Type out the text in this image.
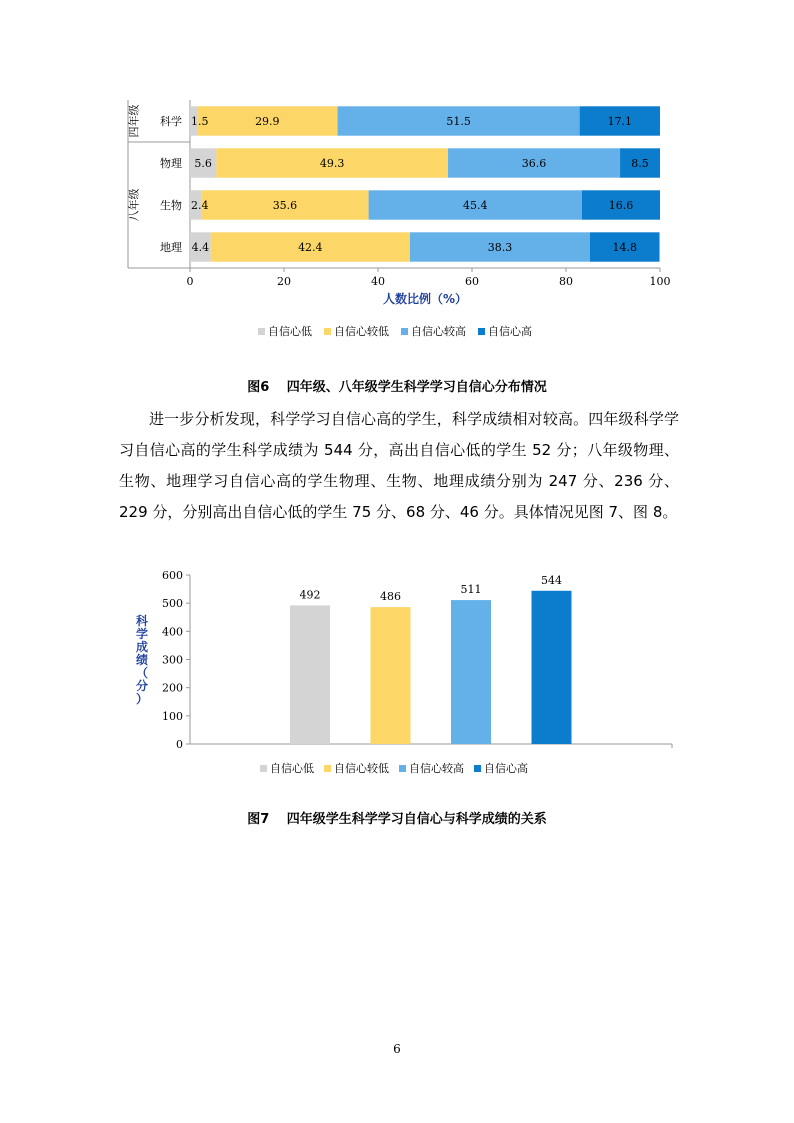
科学 1.5	29.9	51.5	17.1
物理 5.6	49.3	36.6	8.5
生物 2.4	35.6	45.4	16.6
地理 4.4	42.4	38.3	14.8
四年级
八年级
0	20	40	60	80	100
人数比例（%）
自信心低 自信心较低 自信心较高 自信心高
图6　 四年级、八年级学生科学学习自信心分布情况

进一步分析发现，科学学习自信心高的学生，科学成绩相对较高。四年级科学学习自信心高的学生科学成绩为 544 分，高出自信心低的学生 52 分；八年级物理、生物、地理学习自信心高的学生物理、生物、地理成绩分别为 247 分、236 分、229 分，分别高出自信心低的学生 75 分、68 分、46 分。具体情况见图 7、图 8。

0
100
200
300
400
500
600
科学成绩（分）
492	486
511
544
自信心低 自信心较低 自信心较高 自信心高
图7　 四年级学生科学学习自信心与科学成绩的关系
6
